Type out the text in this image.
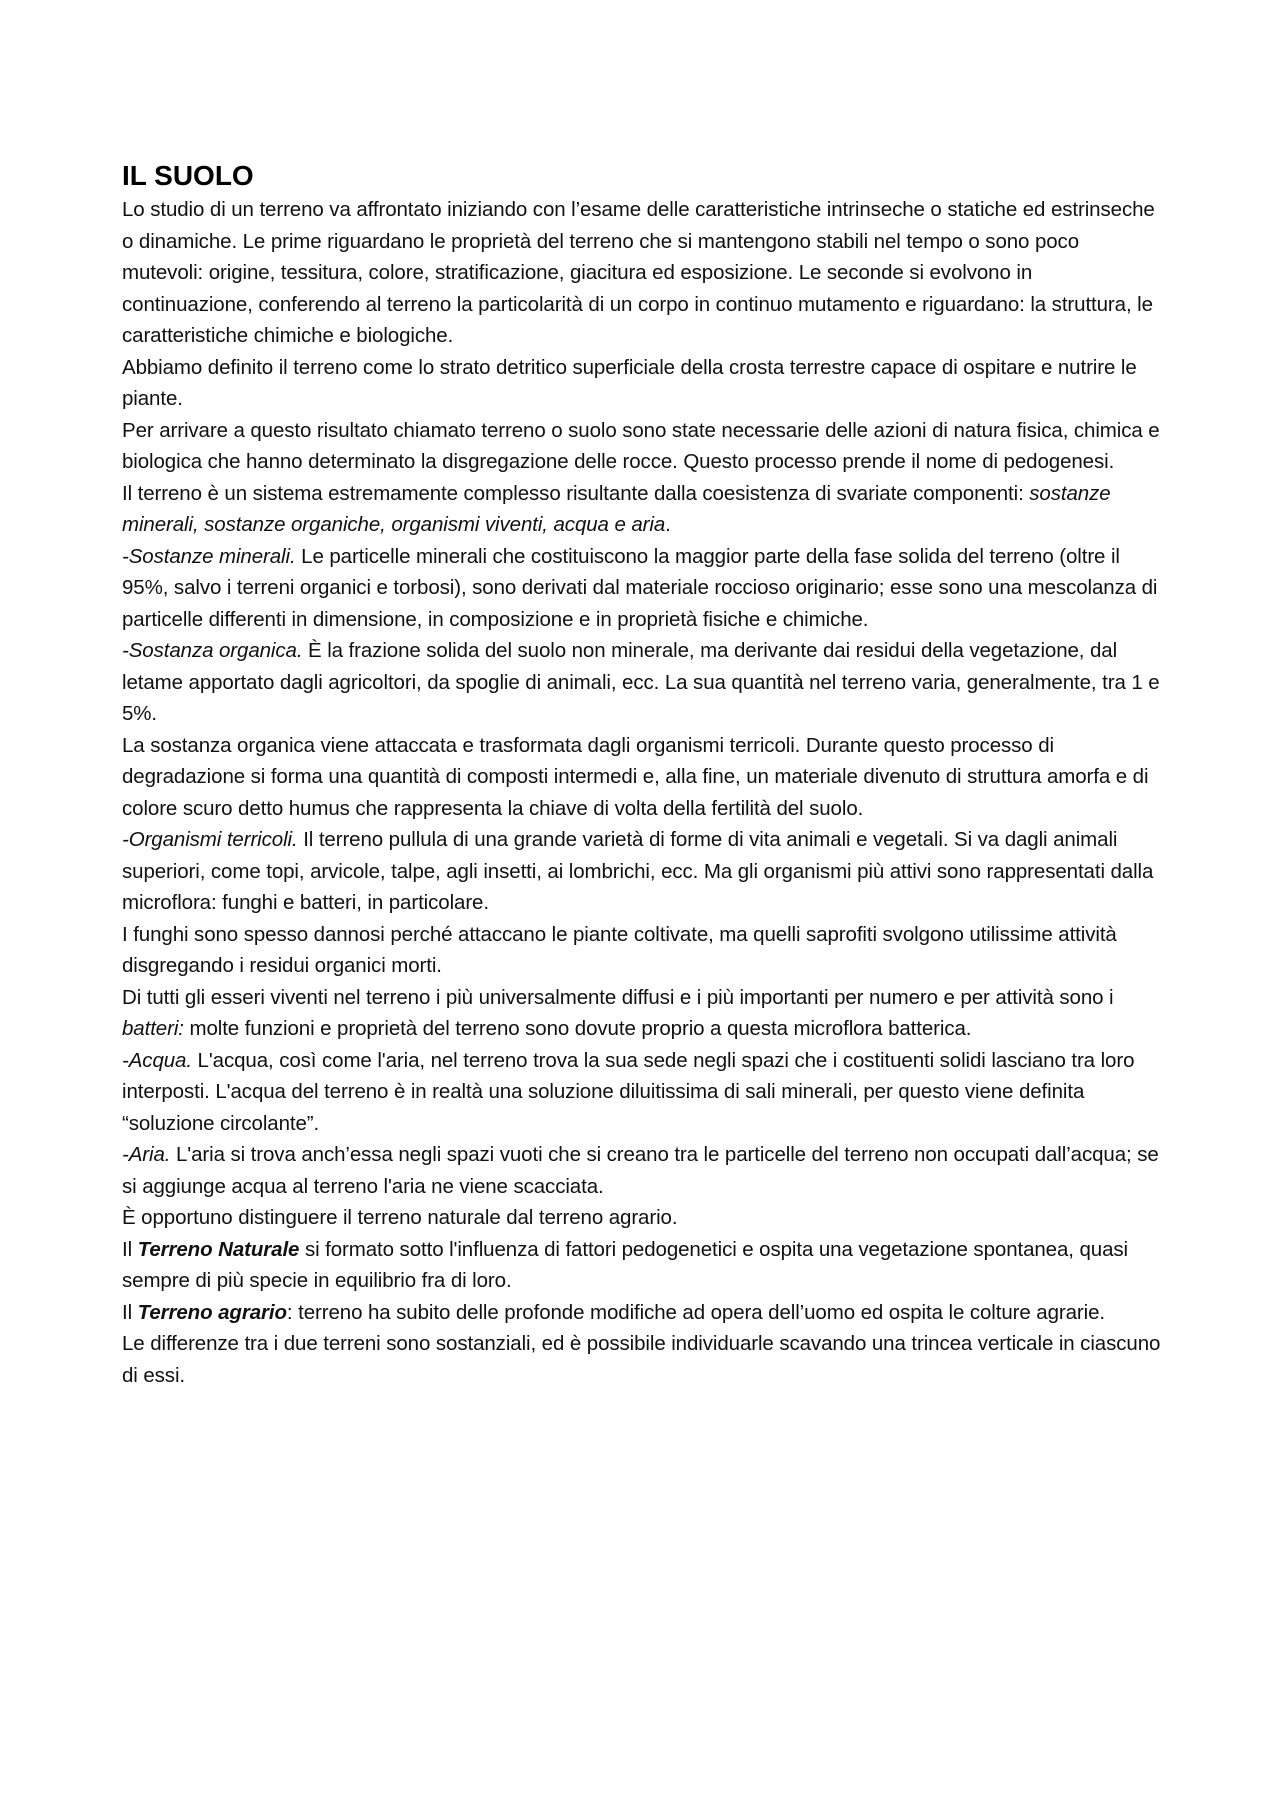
IL SUOLO

Lo studio di un terreno va affrontato iniziando con l’esame delle caratteristiche intrinseche o statiche ed estrinseche o dinamiche. Le prime riguardano le proprietà del terreno che si mantengono stabili nel tempo o sono poco mutevoli: origine, tessitura, colore, stratificazione, giacitura ed esposizione. Le seconde si evolvono in continuazione, conferendo al terreno la particolarità di un corpo in continuo mutamento e riguardano: la struttura, le caratteristiche chimiche e biologiche.

Abbiamo definito il terreno come lo strato detritico superficiale della crosta terrestre capace di ospitare e nutrire le piante.

Per arrivare a questo risultato chiamato terreno o suolo sono state necessarie delle azioni di natura fisica, chimica e biologica che hanno determinato la disgregazione delle rocce. Questo processo prende il nome di pedogenesi.

Il terreno è un sistema estremamente complesso risultante dalla coesistenza di svariate componenti: sostanze minerali, sostanze organiche, organismi viventi, acqua e aria.

-Sostanze minerali. Le particelle minerali che costituiscono la maggior parte della fase solida del terreno (oltre il 95%, salvo i terreni organici e torbosi), sono derivati dal materiale roccioso originario; esse sono una mescolanza di particelle differenti in dimensione, in composizione e in proprietà fisiche e chimiche.

-Sostanza organica. È la frazione solida del suolo non minerale, ma derivante dai residui della vegetazione, dal letame apportato dagli agricoltori, da spoglie di animali, ecc. La sua quantità nel terreno varia, generalmente, tra 1 e 5%.

La sostanza organica viene attaccata e trasformata dagli organismi terricoli. Durante questo processo di degradazione si forma una quantità di composti intermedi e, alla fine, un materiale divenuto di struttura amorfa e di colore scuro detto humus che rappresenta la chiave di volta della fertilità del suolo.

-Organismi terricoli. Il terreno pullula di una grande varietà di forme di vita animali e vegetali. Si va dagli animali superiori, come topi, arvicole, talpe, agli insetti, ai lombrichi, ecc. Ma gli organismi più attivi sono rappresentati dalla microflora: funghi e batteri, in particolare.

I funghi sono spesso dannosi perché attaccano le piante coltivate, ma quelli saprofiti svolgono utilissime attività disgregando i residui organici morti.

Di tutti gli esseri viventi nel terreno i più universalmente diffusi e i più importanti per numero e per attività sono i batteri: molte funzioni e proprietà del terreno sono dovute proprio a questa microflora batterica.

-Acqua. L'acqua, così come l'aria, nel terreno trova la sua sede negli spazi che i costituenti solidi lasciano tra loro interposti. L'acqua del terreno è in realtà una soluzione diluitissima di sali minerali, per questo viene definita “soluzione circolante”.

-Aria. L'aria si trova anch’essa negli spazi vuoti che si creano tra le particelle del terreno non occupati dall’acqua; se si aggiunge acqua al terreno l'aria ne viene scacciata.

È opportuno distinguere il terreno naturale dal terreno agrario.

Il Terreno Naturale si formato sotto l'influenza di fattori pedogenetici e ospita una vegetazione spontanea, quasi sempre di più specie in equilibrio fra di loro.

Il Terreno agrario: terreno ha subito delle profonde modifiche ad opera dell’uomo ed ospita le colture agrarie.

Le differenze tra i due terreni sono sostanziali, ed è possibile individuarle scavando una trincea verticale in ciascuno di essi.
